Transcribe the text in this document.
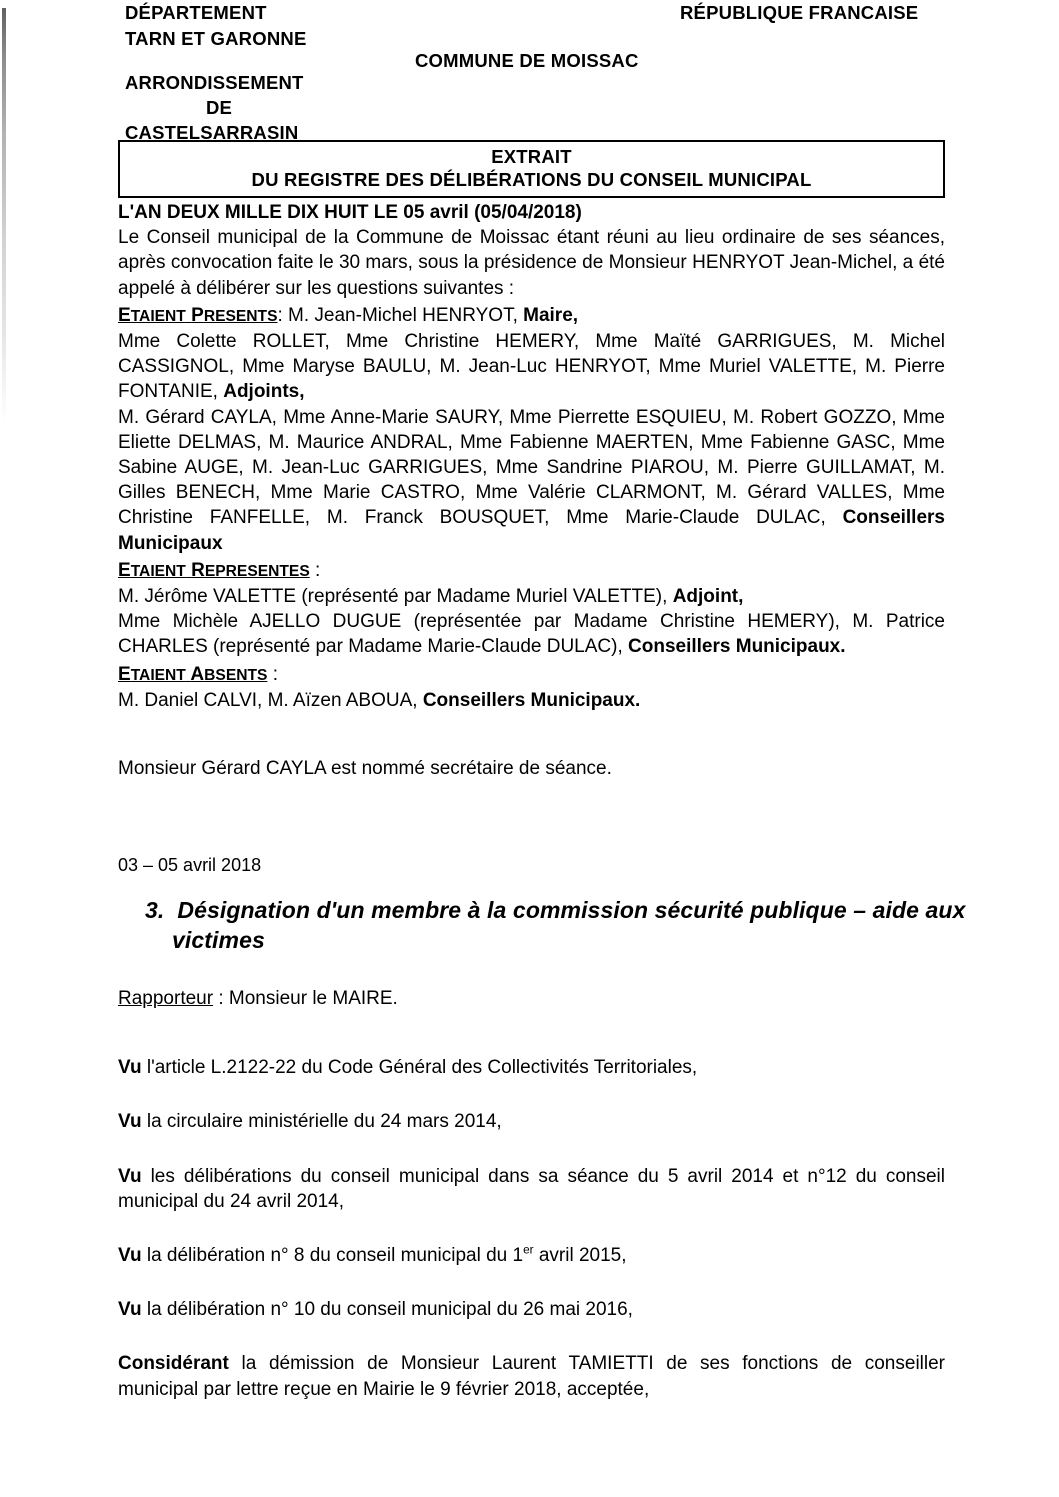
DÉPARTEMENT
TARN ET GARONNE
RÉPUBLIQUE FRANCAISE
COMMUNE DE MOISSAC
ARRONDISSEMENT
DE
CASTELSARRASIN
EXTRAIT
DU REGISTRE DES DÉLIBÉRATIONS DU CONSEIL MUNICIPAL

L'AN DEUX MILLE DIX HUIT LE 05 avril (05/04/2018)

Le Conseil municipal de la Commune de Moissac étant réuni au lieu ordinaire de ses séances, après convocation faite le 30 mars, sous la présidence de Monsieur HENRYOT Jean-Michel, a été appelé à délibérer sur les questions suivantes :

ETAIENT PRESENTS: M. Jean-Michel HENRYOT, Maire,

Mme Colette ROLLET, Mme Christine HEMERY, Mme Maïté GARRIGUES, M. Michel CASSIGNOL, Mme Maryse BAULU, M. Jean-Luc HENRYOT, Mme Muriel VALETTE, M. Pierre FONTANIE, Adjoints,

M. Gérard CAYLA, Mme Anne-Marie SAURY, Mme Pierrette ESQUIEU, M. Robert GOZZO, Mme Eliette DELMAS, M. Maurice ANDRAL, Mme Fabienne MAERTEN, Mme Fabienne GASC, Mme Sabine AUGE, M. Jean-Luc GARRIGUES, Mme Sandrine PIAROU, M. Pierre GUILLAMAT, M. Gilles BENECH, Mme Marie CASTRO, Mme Valérie CLARMONT, M. Gérard VALLES, Mme Christine FANFELLE, M. Franck BOUSQUET, Mme Marie-Claude DULAC, Conseillers Municipaux

ETAIENT REPRESENTES :

M. Jérôme VALETTE (représenté par Madame Muriel VALETTE), Adjoint,

Mme Michèle AJELLO DUGUE (représentée par Madame Christine HEMERY), M. Patrice CHARLES (représenté par Madame Marie-Claude DULAC), Conseillers Municipaux.

ETAIENT ABSENTS :

M. Daniel CALVI, M. Aïzen ABOUA, Conseillers Municipaux.

Monsieur Gérard CAYLA est nommé secrétaire de séance.

03 – 05 avril 2018

3. Désignation d'un membre à la commission sécurité publique – aide aux victimes

Rapporteur : Monsieur le MAIRE.

Vu l'article L.2122-22 du Code Général des Collectivités Territoriales,

Vu la circulaire ministérielle du 24 mars 2014,

Vu les délibérations du conseil municipal dans sa séance du 5 avril 2014 et n°12 du conseil municipal du 24 avril 2014,

Vu la délibération n° 8 du conseil municipal du 1er avril 2015,

Vu la délibération n° 10 du conseil municipal du 26 mai 2016,

Considérant la démission de Monsieur Laurent TAMIETTI de ses fonctions de conseiller municipal par lettre reçue en Mairie le 9 février 2018, acceptée,
